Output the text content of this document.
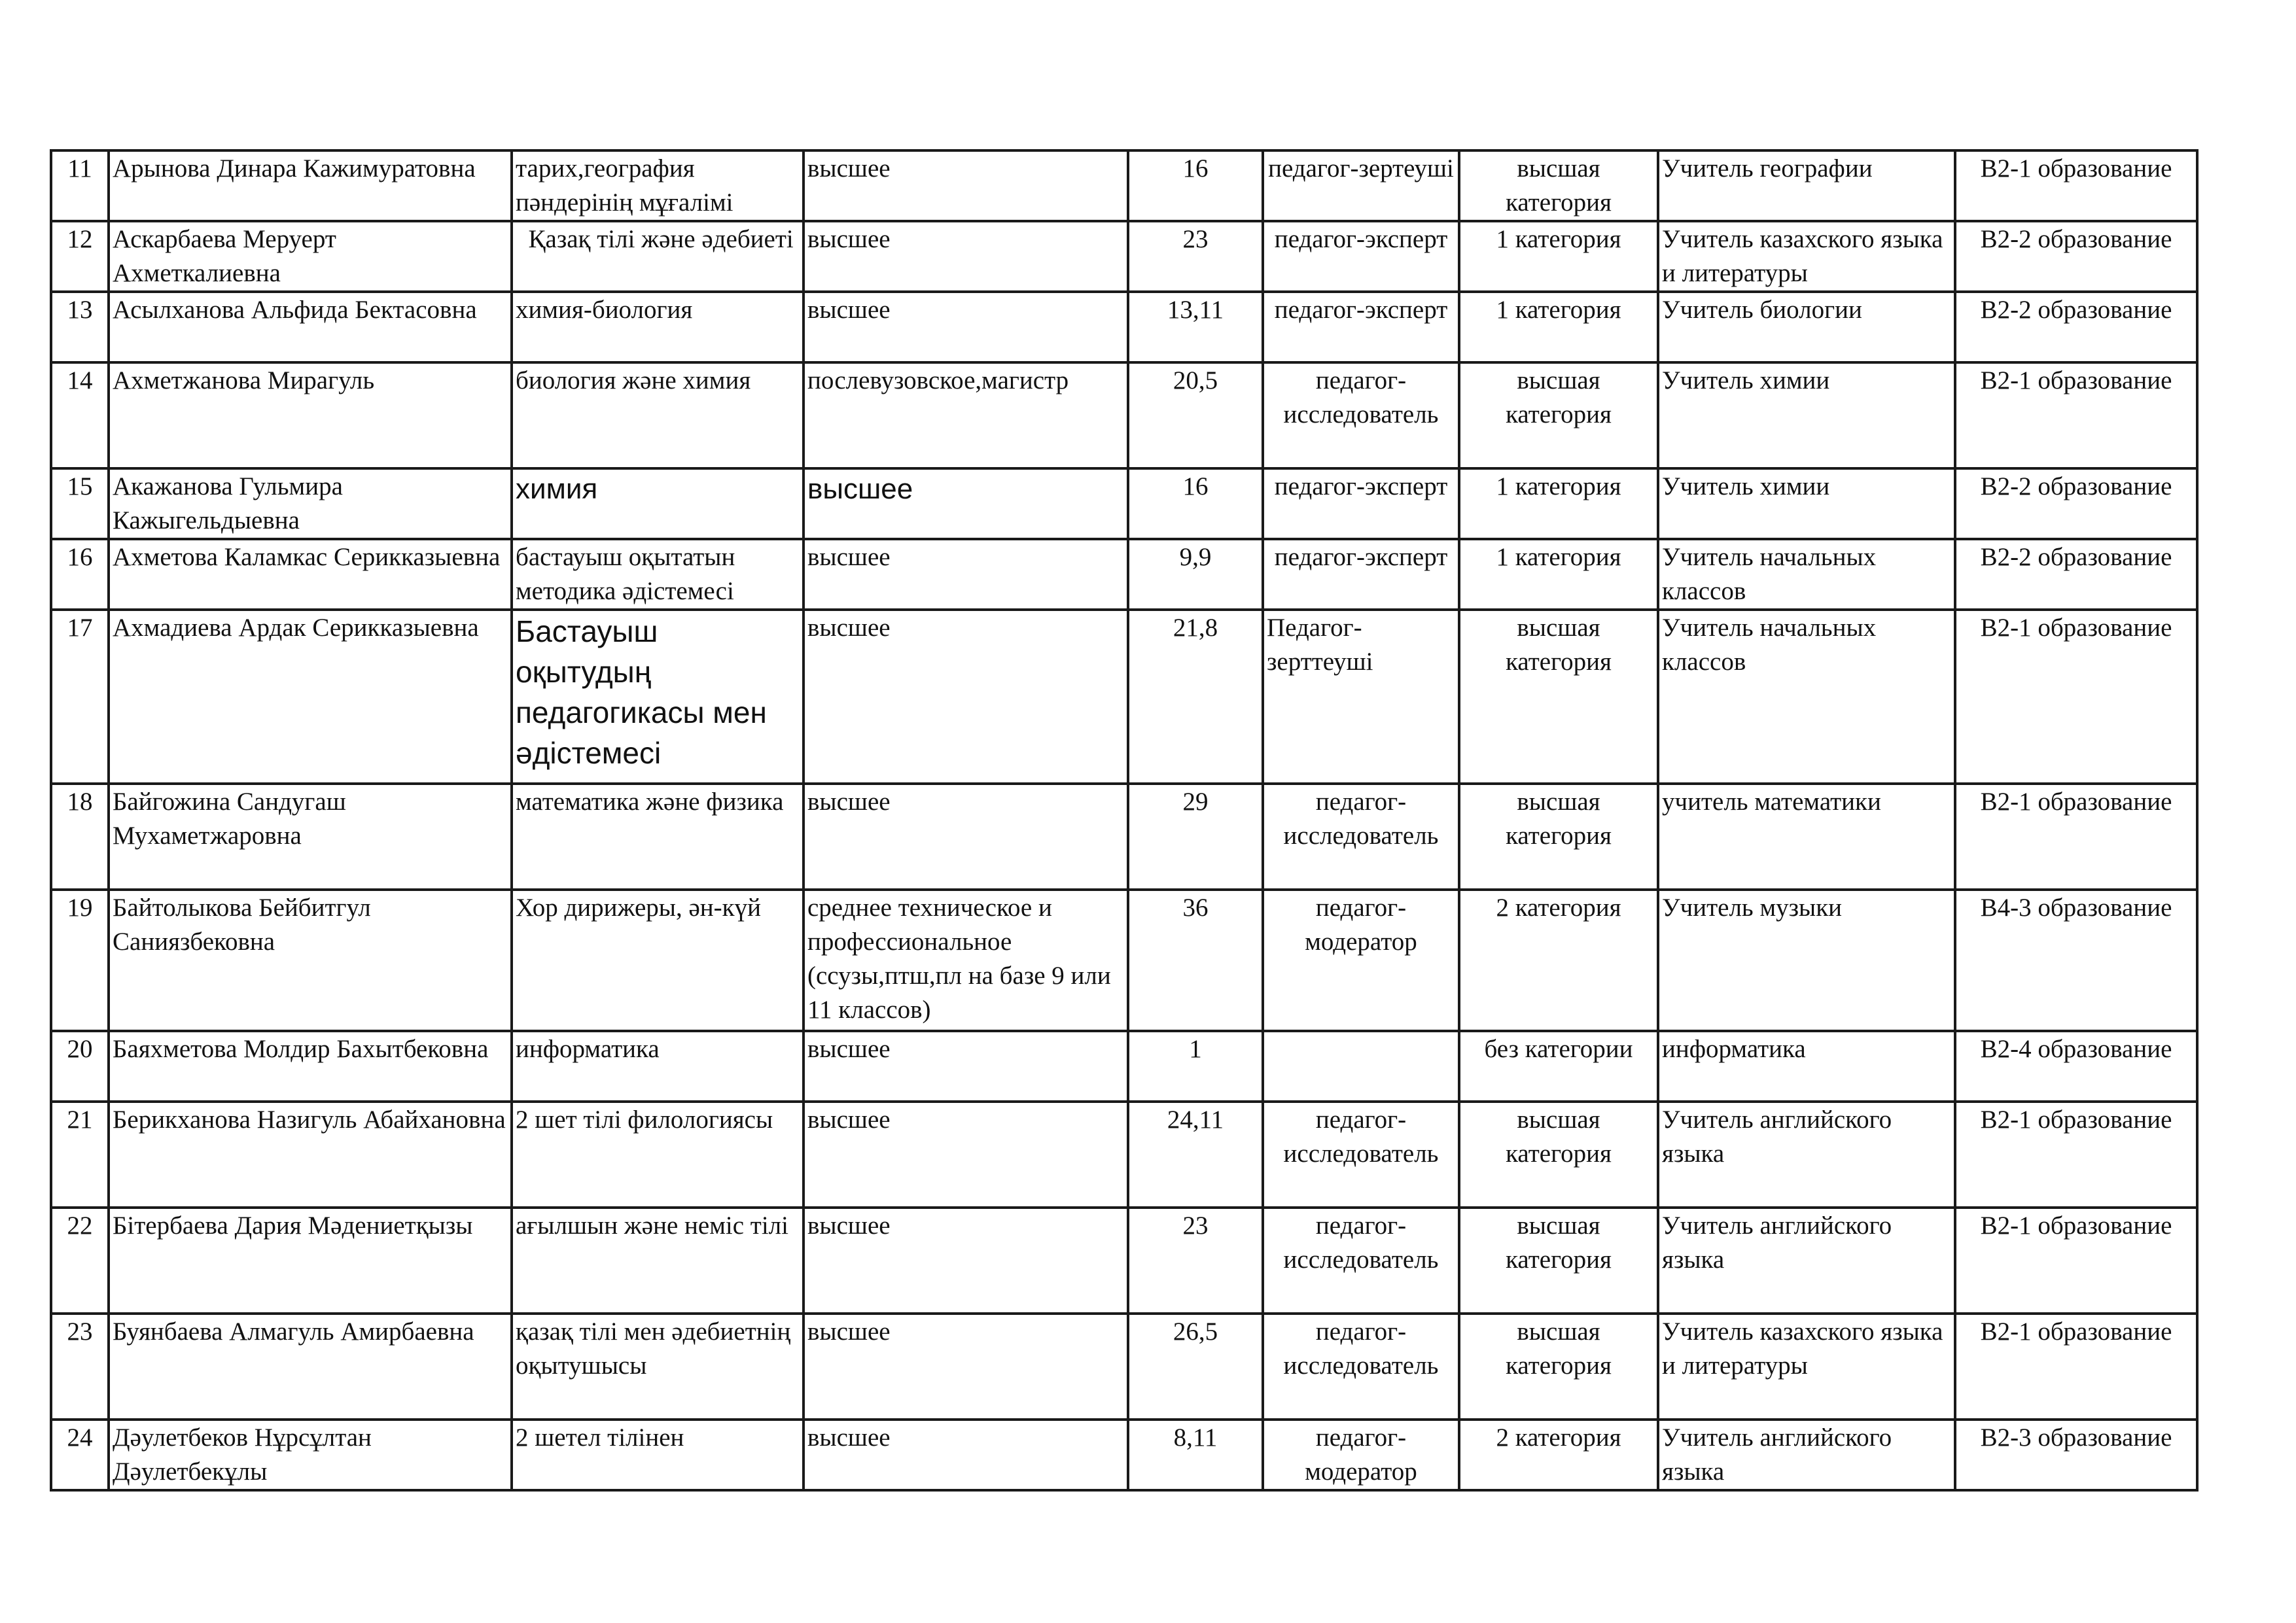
11	Арынова Динара Кажимуратовна	тарих,география пәндерінің мұғалімі	высшее	16	педагог-зертеуші	высшая категория	Учитель географии	В2-1 образование
12	Аскарбаева Меруерт Ахметкалиевна	Қазақ тілі және әдебиеті	высшее	23	педагог-эксперт	1 категория	Учитель казахского языка и литературы	В2-2 образование
13	Асылханова Альфида Бектасовна	химия-биология	высшее	13,11	педагог-эксперт	1 категория	Учитель биологии	В2-2 образование
14	Ахметжанова Мирагуль	биология және химия	послевузовское,магистр	20,5	педагог-исследователь	высшая категория	Учитель химии	В2-1 образование
15	Акажанова Гульмира Кажыгельдыевна	химия	высшее	16	педагог-эксперт	1 категория	Учитель химии	В2-2 образование
16	Ахметова Каламкас Серикказыевна	бастауыш оқытатын методика әдістемесі	высшее	9,9	педагог-эксперт	1 категория	Учитель начальных классов	В2-2 образование
17	Ахмадиева Ардак Серикказыевна	Бастауыш оқытудың педагогикасы мен әдістемесі	высшее	21,8	Педагог-зерттеуші	высшая категория	Учитель начальных классов	В2-1 образование
18	Байгожина Сандугаш Мухаметжаровна	математика және физика	высшее	29	педагог-исследователь	высшая категория	учитель математики	В2-1 образование
19	Байтолыкова Бейбитгул Саниязбековна	Хор дирижеры, ән-күй	среднее техническое и профессиональное (ссузы,птш,пл на базе 9 или 11 классов)	36	педагог-модератор	2 категория	Учитель музыки	В4-3 образование
20	Баяхметова Молдир Бахытбековна	информатика	высшее	1		без категории	информатика	В2-4 образование
21	Берикханова Назигуль Абайхановна	2 шет тілі филологиясы	высшее	24,11	педагог-исследователь	высшая категория	Учитель английского языка	В2-1 образование
22	Бітербаева Дария Мәдениетқызы	ағылшын және неміс тілі	высшее	23	педагог-исследователь	высшая категория	Учитель английского языка	В2-1 образование
23	Буянбаева Алмагуль Амирбаевна	қазақ тілі мен әдебиетнің оқытушысы	высшее	26,5	педагог-исследователь	высшая категория	Учитель казахского языка и литературы	В2-1 образование
24	Дәулетбеков Нұрсұлтан Дәулетбекұлы	2 шетел тілінен	высшее	8,11	педагог-модератор	2 категория	Учитель английского языка	В2-3 образование
